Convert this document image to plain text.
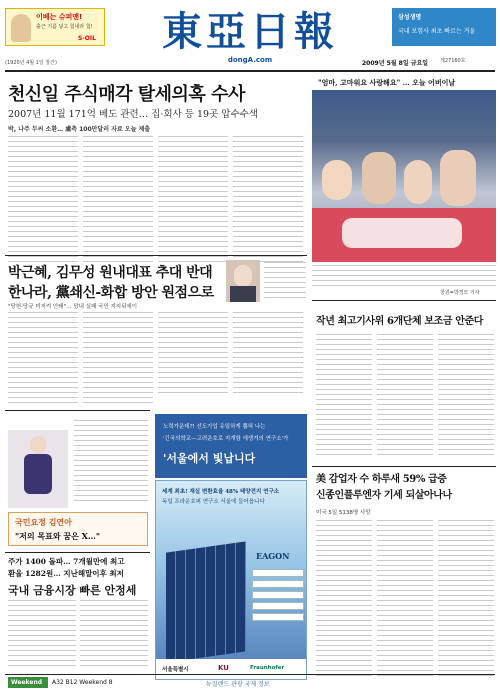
이베는 슈퍼맨!
출근 기름 넣고 힘내라 힘!
S-OIL	東亞日報
dongA.com
삼성생명
국내 보험사 최초 빠르는 겨울
(1920년 4월 1일 창간)	2009년 5월 8일 금요일 제27160호
천신일 주식매각 탈세의혹 수사
2007년 11월 171억 베도 관련… 집·회사 등 19곳 압수수색
박, 나주 두씨 소환… 盧측 100만달러 자료 오늘 제출
"엄마, 고마워요 사랑해요" … 오늘 어버이날
창원=박경모 기자
박근혜, 김무성 원내대표 추대 반대
한나라, 黨쇄신-화합 방안 원점으로
"당헌·당규 미지켜 안돼"… 당내 실패 국민 지지뒤에이
작년 최고기사위 6개단체 보조금 안준다
국민요정 김연아
"저의 목표와 꿈은 X…"
주가 1400 돌파… 7개월만에 최고
환율 1282원… 지난해말이후 최저
국내 금융시장 빠른 안정세
노력가운데?! 선도가업 유일하게 뽑혀 나는
'긴국의학교—고려운호로 지개함 에생겨의 연구소'가
'서울에서 빛납니다
세계 최초! 재실 변환효율 48% 태양전지 연구소
독일 프라운호퍼 연구소 서울에 들어옵니다
EAGON
서울특별시	KU	Fraunhofer
美 감업자 수 하루새 59% 급증
신종인플루엔자 기세 되살아나나
미국 5일 5138명 사망
Weekend A32 B12 Weekend 8	뉴질랜드 관광 국제 정보
